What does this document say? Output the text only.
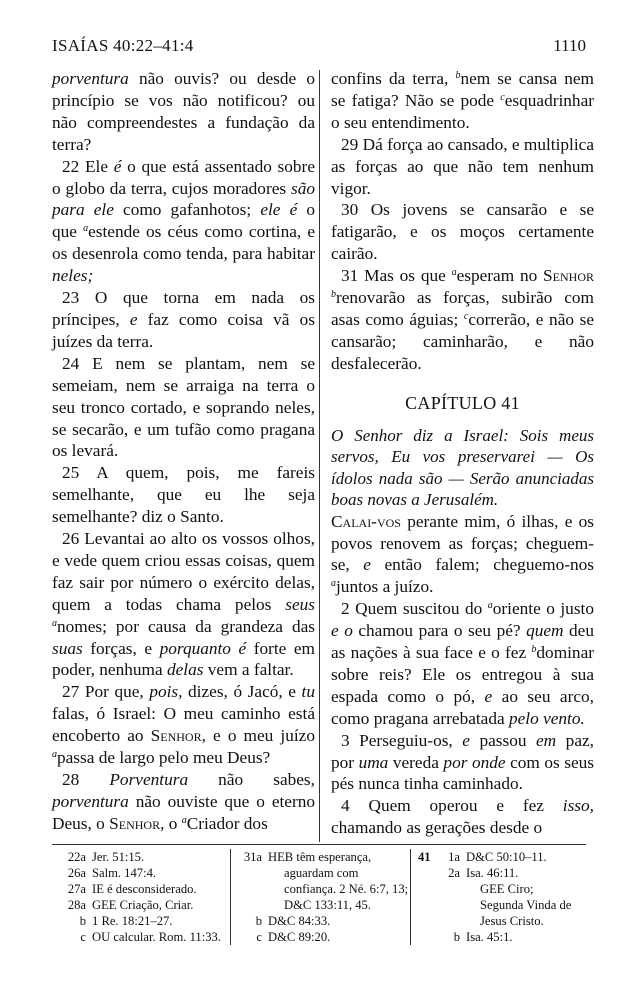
ISAÍAS 40:22–41:4	1110

porventura não ouvis? ou desde o princípio se vos não notificou? ou não compreendestes a fundação da terra?

22 Ele é o que está assentado sobre o globo da terra, cujos moradores são para ele como gafanhotos; ele é o que $^a$estende os céus como cortina, e os desenrola como tenda, para habitar neles;

23 O que torna em nada os príncipes, e faz como coisa vã os juízes da terra.

24 E nem se plantam, nem se semeiam, nem se arraiga na terra o seu tronco cortado, e soprando neles, se secarão, e um tufão como pragana os levará.

25 A quem, pois, me fareis semelhante, que eu lhe seja semelhante? diz o Santo.

26 Levantai ao alto os vossos olhos, e vede quem criou essas coisas, quem faz sair por número o exército delas, quem a todas chama pelos seus $^a$nomes; por causa da grandeza das suas forças, e porquanto é forte em poder, nenhuma delas vem a faltar.

27 Por que, pois, dizes, ó Jacó, e tu falas, ó Israel: O meu caminho está encoberto ao Senhor, e o meu juízo $^a$passa de largo pelo meu Deus?

28 Porventura não sabes, porventura não ouviste que o eterno Deus, o Senhor, o $^a$Criador dos

confins da terra, $^b$nem se cansa nem se fatiga? Não se pode $^c$esquadrinhar o seu entendimento.

29 Dá força ao cansado, e multiplica as forças ao que não tem nenhum vigor.

30 Os jovens se cansarão e se fatigarão, e os moços certamente cairão.

31 Mas os que $^a$esperam no Senhor $^b$renovarão as forças, subirão com asas como águias; $^c$correrão, e não se cansarão; caminharão, e não desfalecerão.

CAPÍTULO 41

O Senhor diz a Israel: Sois meus servos, Eu vos preservarei — Os ídolos nada são — Serão anunciadas boas novas a Jerusalém.

Calai-vos perante mim, ó ilhas, e os povos renovem as forças; cheguem-se, e então falem; cheguemo-nos $^a$juntos a juízo.

2 Quem suscitou do $^a$oriente o justo e o chamou para o seu pé? quem deu as nações à sua face e o fez $^b$dominar sobre reis? Ele os entregou à sua espada como o pó, e ao seu arco, como pragana arrebatada pelo vento.

3 Perseguiu-os, e passou em paz, por uma vereda por onde com os seus pés nunca tinha caminhado.

4 Quem operou e fez isso, chamando as gerações desde o

22a Jer. 51:15.
26a Salm. 147:4.
27a IE é desconsiderado.
28a GEE Criação, Criar.
b 1 Re. 18:21–27.
c OU calcular. Rom. 11:33.
31a HEB têm esperança,
aguardam com
confiança. 2 Né. 6:7, 13;
D&C 133:11, 45.
b D&C 84:33.
c D&C 89:20.
41 1a D&C 50:10–11.
2a Isa. 46:11.
GEE Ciro;
Segunda Vinda de
Jesus Cristo.
b Isa. 45:1.
